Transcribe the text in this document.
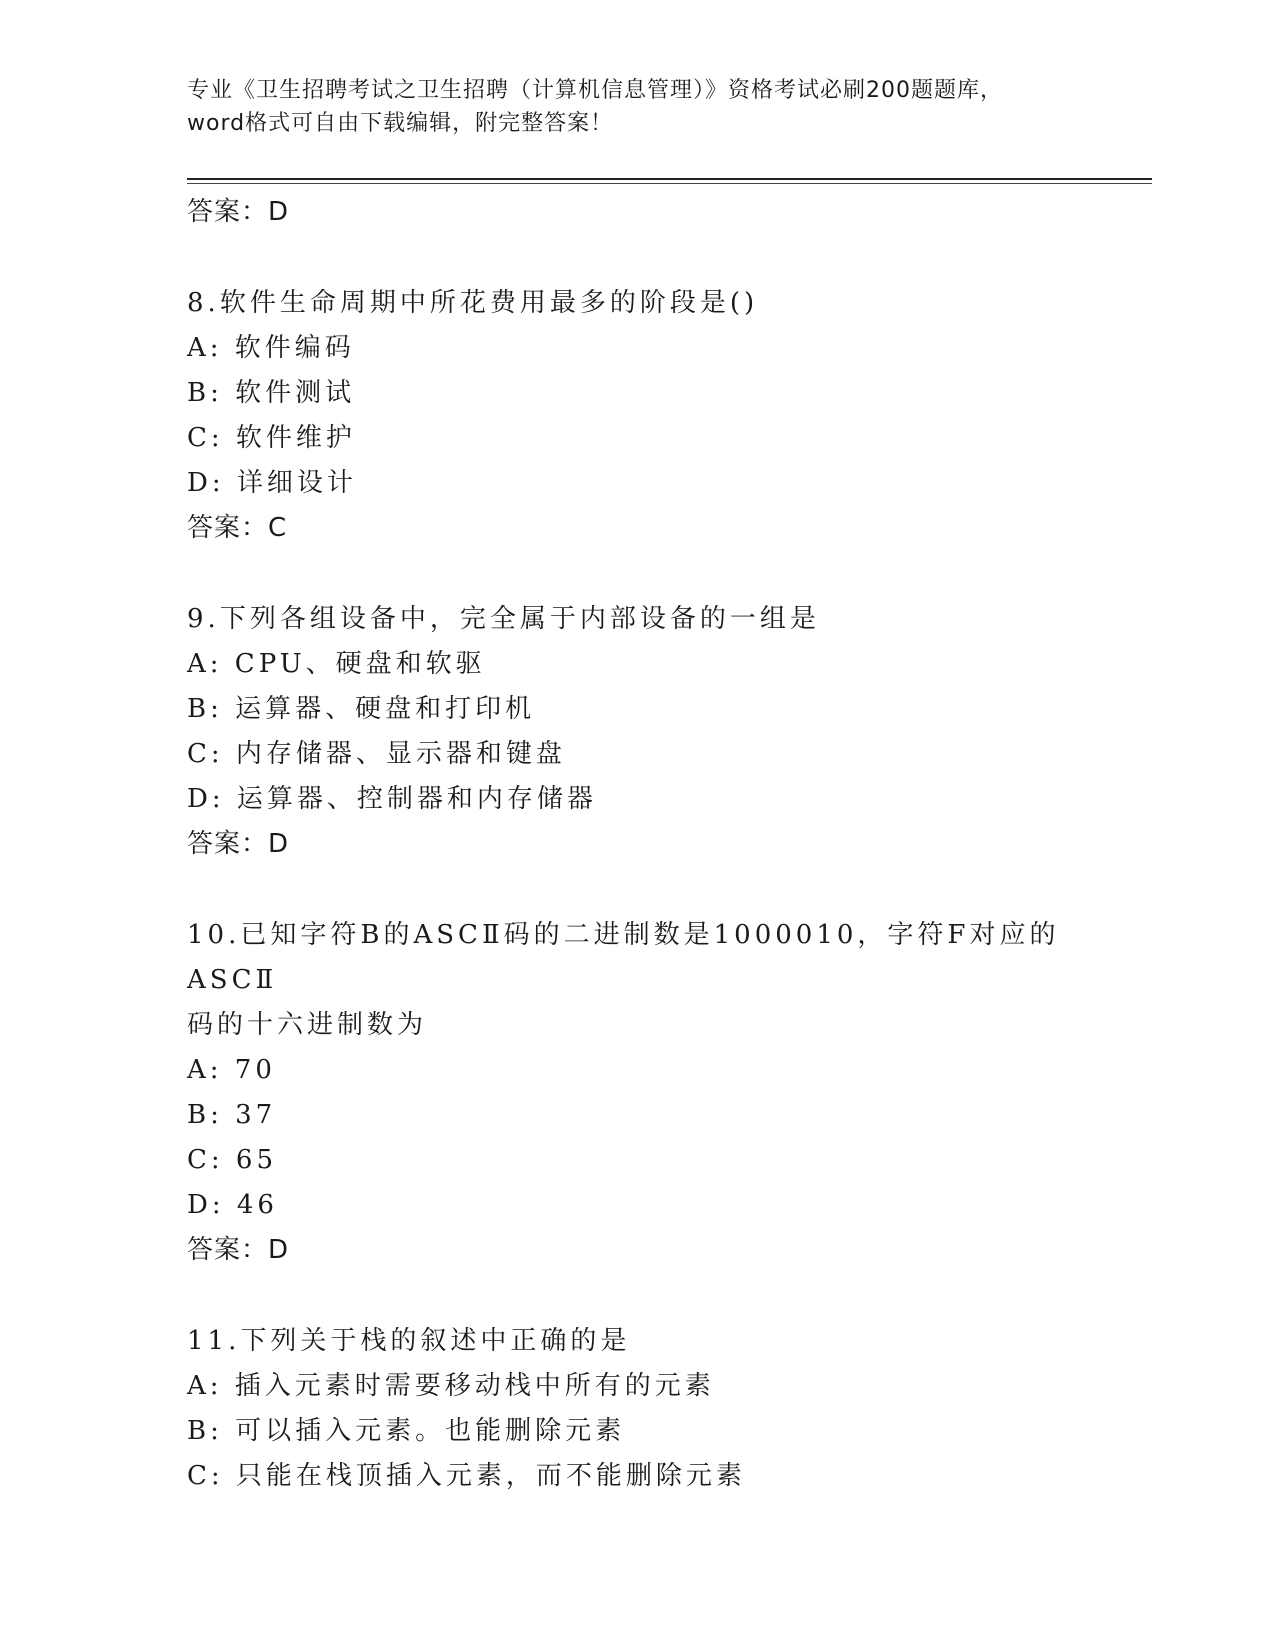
专业《卫生招聘考试之卫生招聘（计算机信息管理）》资格考试必刷200题题库，
word格式可自由下载编辑，附完整答案！
答案：D
8.软件生命周期中所花费用最多的阶段是()
A: 软件编码
B: 软件测试
C: 软件维护
D: 详细设计
答案：C
9.下列各组设备中，完全属于内部设备的一组是
A: CPU、硬盘和软驱
B: 运算器、硬盘和打印机
C: 内存储器、显示器和键盘
D: 运算器、控制器和内存储器
答案：D
10.已知字符B的ASCⅡ码的二进制数是1000010，字符F对应的ASCⅡ
码的十六进制数为
A: 70
B: 37
C: 65
D: 46
答案：D
11.下列关于栈的叙述中正确的是
A: 插入元素时需要移动栈中所有的元素
B: 可以插入元素。也能删除元素
C: 只能在栈顶插入元素，而不能删除元素
